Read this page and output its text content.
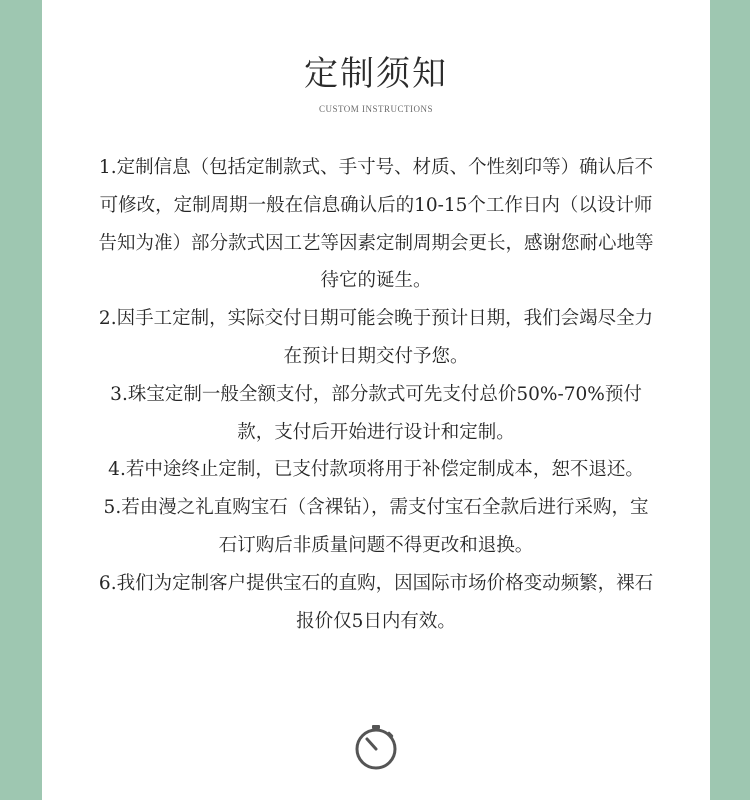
定制须知
CUSTOM INSTRUCTIONS

1.定制信息（包括定制款式、手寸号、材质、个性刻印等）确认后不可修改，定制周期一般在信息确认后的10-15个工作日内（以设计师告知为准）部分款式因工艺等因素定制周期会更长，感谢您耐心地等待它的诞生。

2.因手工定制，实际交付日期可能会晚于预计日期，我们会竭尽全力在预计日期交付予您。

3.珠宝定制一般全额支付，部分款式可先支付总价50%-70%预付款，支付后开始进行设计和定制。

4.若中途终止定制，已支付款项将用于补偿定制成本，恕不退还。

5.若由漫之礼直购宝石（含裸钻），需支付宝石全款后进行采购，宝石订购后非质量问题不得更改和退换。

6.我们为定制客户提供宝石的直购，因国际市场价格变动频繁，裸石报价仅5日内有效。
